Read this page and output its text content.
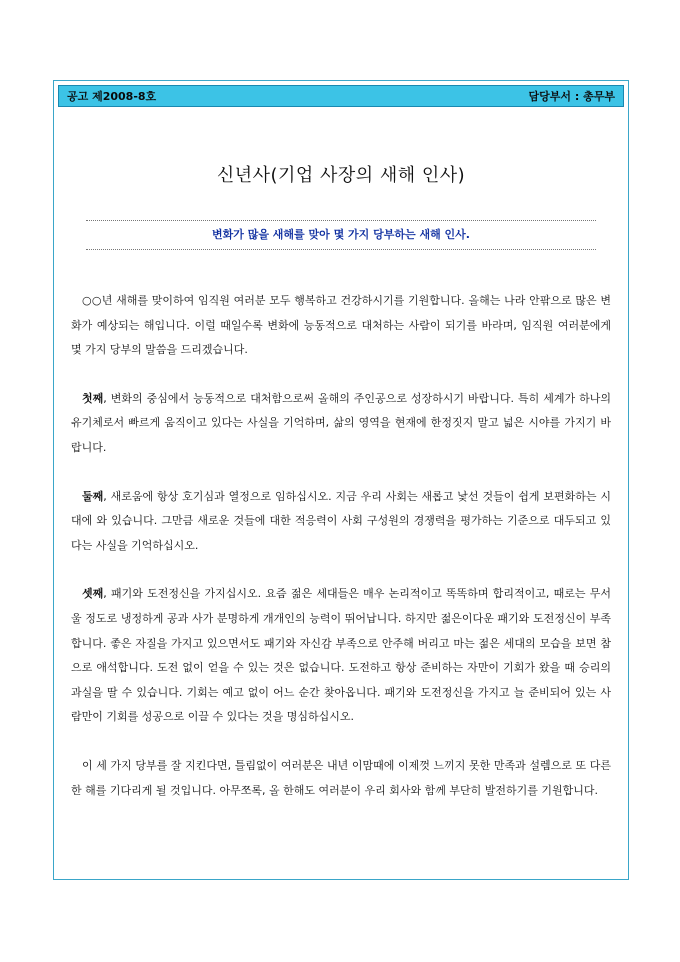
공고 제2008-8호	담당부서 : 총무부
신년사(기업 사장의 새해 인사)
변화가 많을 새해를 맞아 몇 가지 당부하는 새해 인사.

○○년 새해를 맞이하여 임직원 여러분 모두 행복하고 건강하시기를 기원합니다. 올해는 나라 안팎으로 많은 변화가 예상되는 해입니다. 이럴 때일수록 변화에 능동적으로 대처하는 사람이 되기를 바라며, 임직원 여러분에게 몇 가지 당부의 말씀을 드리겠습니다.

첫째, 변화의 중심에서 능동적으로 대처함으로써 올해의 주인공으로 성장하시기 바랍니다. 특히 세계가 하나의 유기체로서 빠르게 움직이고 있다는 사실을 기억하며, 삶의 영역을 현재에 한정짓지 말고 넓은 시야를 가지기 바랍니다.

둘째, 새로움에 항상 호기심과 열정으로 임하십시오. 지금 우리 사회는 새롭고 낯선 것들이 쉽게 보편화하는 시대에 와 있습니다. 그만큼 새로운 것들에 대한 적응력이 사회 구성원의 경쟁력을 평가하는 기준으로 대두되고 있다는 사실을 기억하십시오.

셋째, 패기와 도전정신을 가지십시오. 요즘 젊은 세대들은 매우 논리적이고 똑똑하며 합리적이고, 때로는 무서울 정도로 냉정하게 공과 사가 분명하게 개개인의 능력이 뛰어납니다. 하지만 젊은이다운 패기와 도전정신이 부족합니다. 좋은 자질을 가지고 있으면서도 패기와 자신감 부족으로 안주해 버리고 마는 젊은 세대의 모습을 보면 참으로 애석합니다. 도전 없이 얻을 수 있는 것은 없습니다. 도전하고 항상 준비하는 자만이 기회가 왔을 때 승리의 과실을 딸 수 있습니다. 기회는 예고 없이 어느 순간 찾아옵니다. 패기와 도전정신을 가지고 늘 준비되어 있는 사람만이 기회를 성공으로 이끌 수 있다는 것을 명심하십시오.

이 세 가지 당부를 잘 지킨다면, 틀림없이 여러분은 내년 이맘때에 이제껏 느끼지 못한 만족과 설렘으로 또 다른 한 해를 기다리게 될 것입니다. 아무쪼록, 올 한해도 여러분이 우리 회사와 함께 부단히 발전하기를 기원합니다.
